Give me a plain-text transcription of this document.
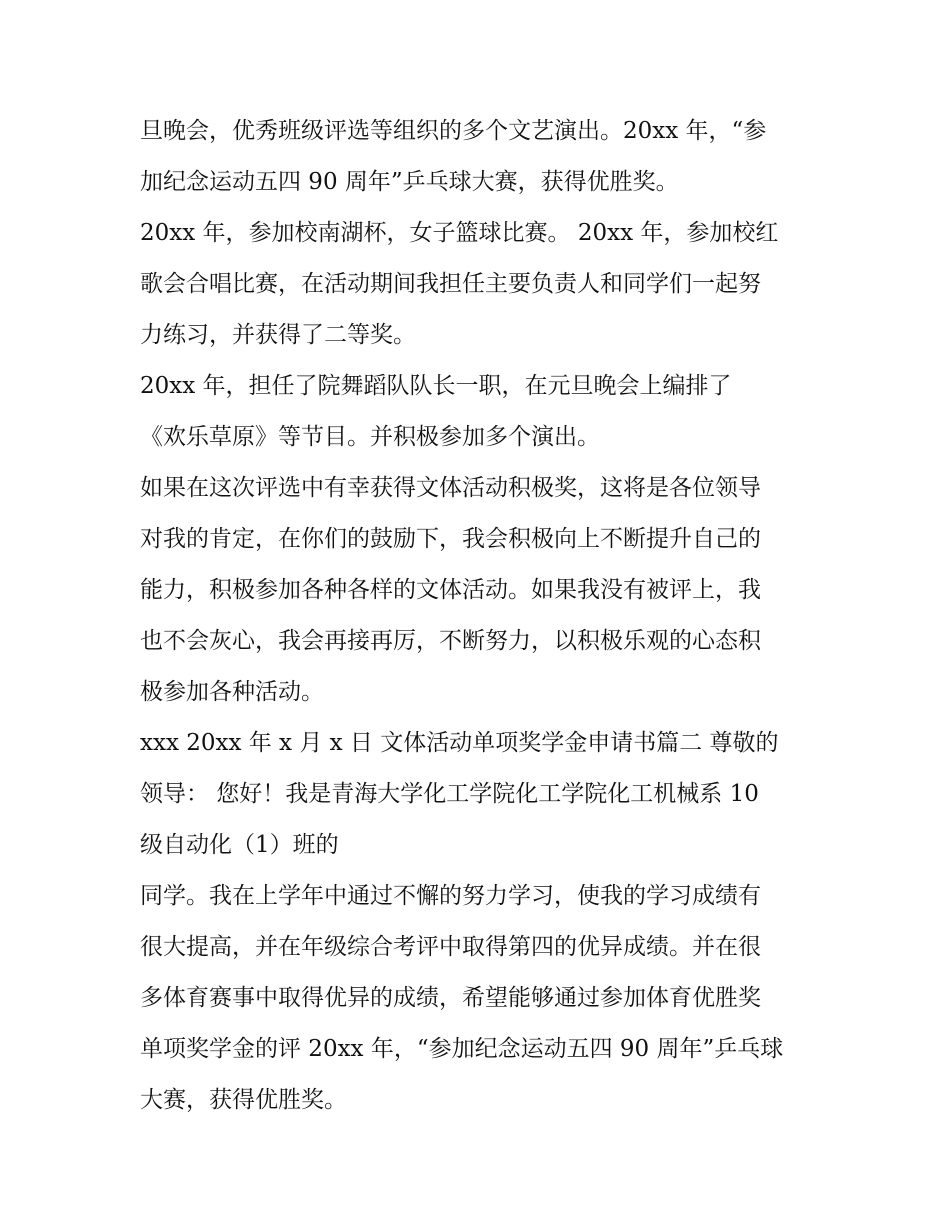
旦晚会，优秀班级评选等组织的多个文艺演出。20xx 年，“参
加纪念运动五四 90 周年”乒乓球大赛，获得优胜奖。
20xx 年，参加校南湖杯，女子篮球比赛。 20xx 年，参加校红
歌会合唱比赛，在活动期间我担任主要负责人和同学们一起努
力练习，并获得了二等奖。
20xx 年，担任了院舞蹈队队长一职，在元旦晚会上编排了
《欢乐草原》等节目。并积极参加多个演出。
如果在这次评选中有幸获得文体活动积极奖，这将是各位领导
对我的肯定，在你们的鼓励下，我会积极向上不断提升自己的
能力，积极参加各种各样的文体活动。如果我没有被评上，我
也不会灰心，我会再接再厉，不断努力，以积极乐观的心态积
极参加各种活动。
xxx 20xx 年 x 月 x 日 文体活动单项奖学金申请书篇二 尊敬的
领导： 您好！我是青海大学化工学院化工学院化工机械系 10
级自动化（1）班的
同学。我在上学年中通过不懈的努力学习，使我的学习成绩有
很大提高，并在年级综合考评中取得第四的优异成绩。并在很
多体育赛事中取得优异的成绩，希望能够通过参加体育优胜奖
单项奖学金的评 20xx 年，“参加纪念运动五四 90 周年”乒乓球
大赛，获得优胜奖。
